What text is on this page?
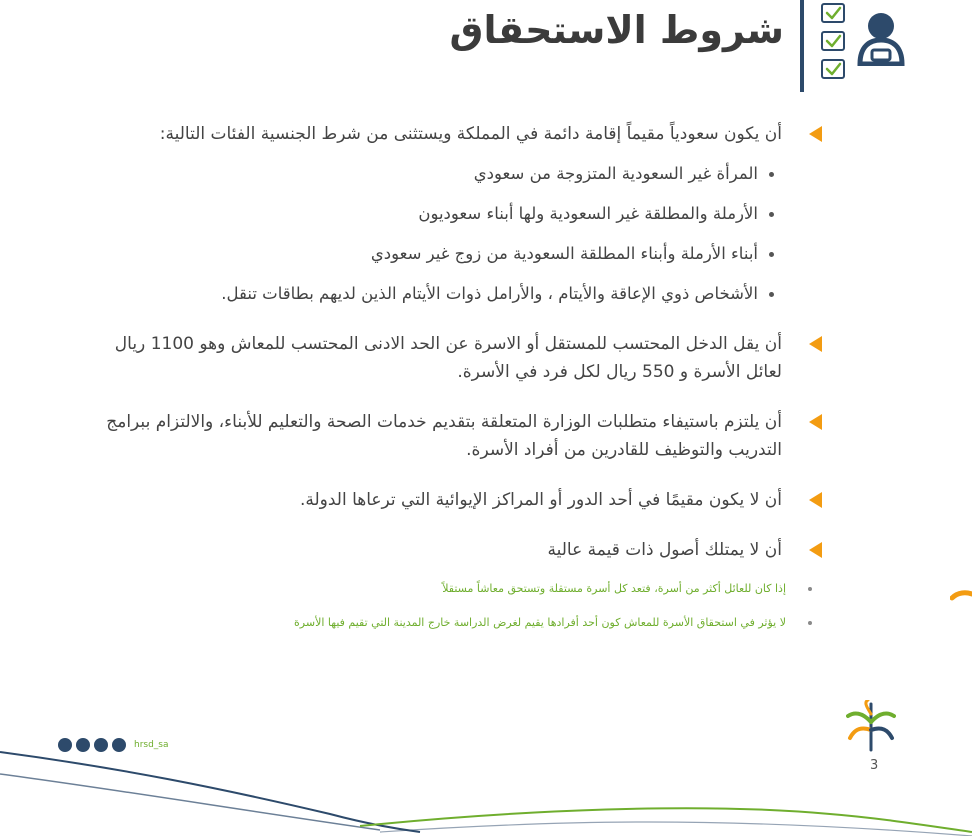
شروط الاستحقاق
أن يكون سعودياً مقيماً إقامة دائمة في المملكة ويستثنى من شرط الجنسية الفئات التالية:
المرأة غير السعودية المتزوجة من سعودي
الأرملة والمطلقة غير السعودية ولها أبناء سعوديون
أبناء الأرملة وأبناء المطلقة السعودية من زوج غير سعودي
الأشخاص ذوي الإعاقة والأيتام ، والأرامل ذوات الأيتام الذين لديهم بطاقات تنقل.
أن يقل الدخل المحتسب للمستقل أو الاسرة عن الحد الادنى المحتسب للمعاش وهو 1100 ريال لعائل الأسرة و 550 ريال لكل فرد في الأسرة.
أن يلتزم باستيفاء متطلبات الوزارة المتعلقة بتقديم خدمات الصحة والتعليم للأبناء، والالتزام ببرامج التدريب والتوظيف للقادرين من أفراد الأسرة.
أن لا يكون مقيمًا في أحد الدور أو المراكز الإيوائية التي ترعاها الدولة.
أن لا يمتلك أصول ذات قيمة عالية
إذا كان للعائل أكثر من أسرة، فتعد كل أسرة مستقلة وتستحق معاشاً مستقلاً
لا يؤثر في استحقاق الأسرة للمعاش كون أحد أفرادها يقيم لغرض الدراسة خارج المدينة التي تقيم فيها الأسرة
hrsd_sa
3
